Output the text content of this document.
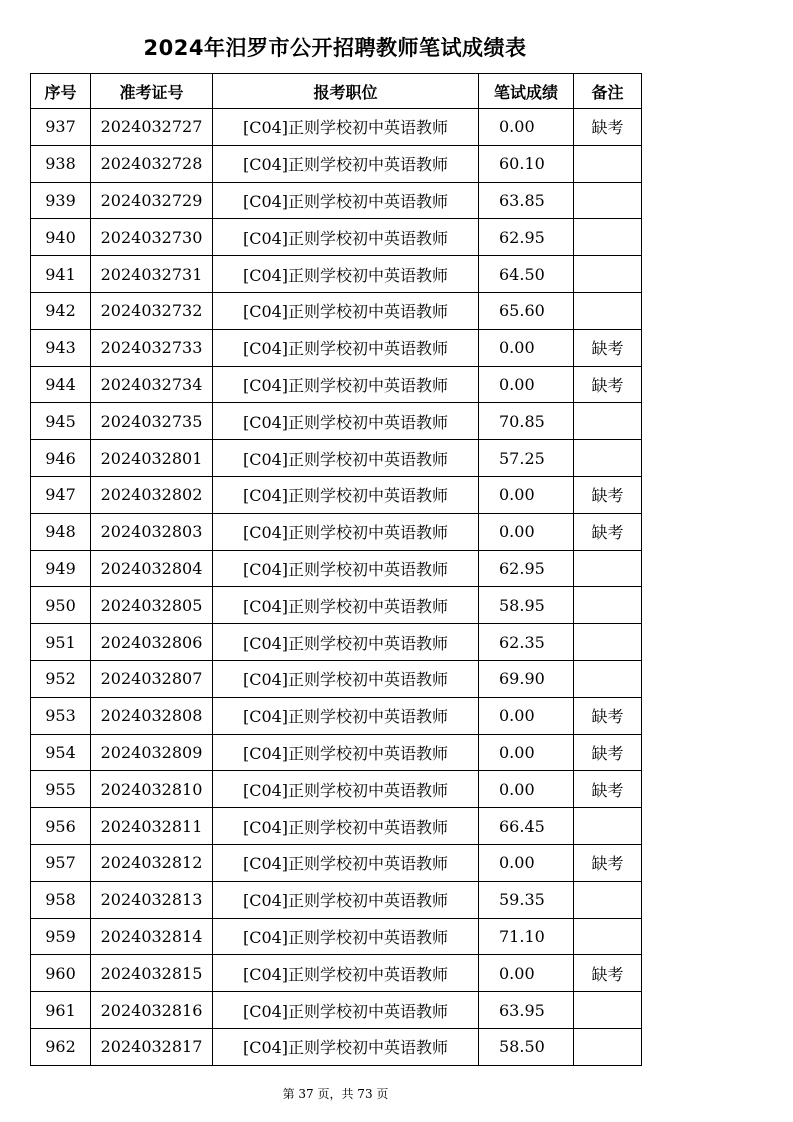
2024年汨罗市公开招聘教师笔试成绩表
序号	准考证号	报考职位	笔试成绩	备注
937	2024032727	[C04]正则学校初中英语教师	0.00	缺考
938	2024032728	[C04]正则学校初中英语教师	60.10	
939	2024032729	[C04]正则学校初中英语教师	63.85	
940	2024032730	[C04]正则学校初中英语教师	62.95	
941	2024032731	[C04]正则学校初中英语教师	64.50	
942	2024032732	[C04]正则学校初中英语教师	65.60	
943	2024032733	[C04]正则学校初中英语教师	0.00	缺考
944	2024032734	[C04]正则学校初中英语教师	0.00	缺考
945	2024032735	[C04]正则学校初中英语教师	70.85	
946	2024032801	[C04]正则学校初中英语教师	57.25	
947	2024032802	[C04]正则学校初中英语教师	0.00	缺考
948	2024032803	[C04]正则学校初中英语教师	0.00	缺考
949	2024032804	[C04]正则学校初中英语教师	62.95	
950	2024032805	[C04]正则学校初中英语教师	58.95	
951	2024032806	[C04]正则学校初中英语教师	62.35	
952	2024032807	[C04]正则学校初中英语教师	69.90	
953	2024032808	[C04]正则学校初中英语教师	0.00	缺考
954	2024032809	[C04]正则学校初中英语教师	0.00	缺考
955	2024032810	[C04]正则学校初中英语教师	0.00	缺考
956	2024032811	[C04]正则学校初中英语教师	66.45	
957	2024032812	[C04]正则学校初中英语教师	0.00	缺考
958	2024032813	[C04]正则学校初中英语教师	59.35	
959	2024032814	[C04]正则学校初中英语教师	71.10	
960	2024032815	[C04]正则学校初中英语教师	0.00	缺考
961	2024032816	[C04]正则学校初中英语教师	63.95	
962	2024032817	[C04]正则学校初中英语教师	58.50	
第 37 页，共 73 页
